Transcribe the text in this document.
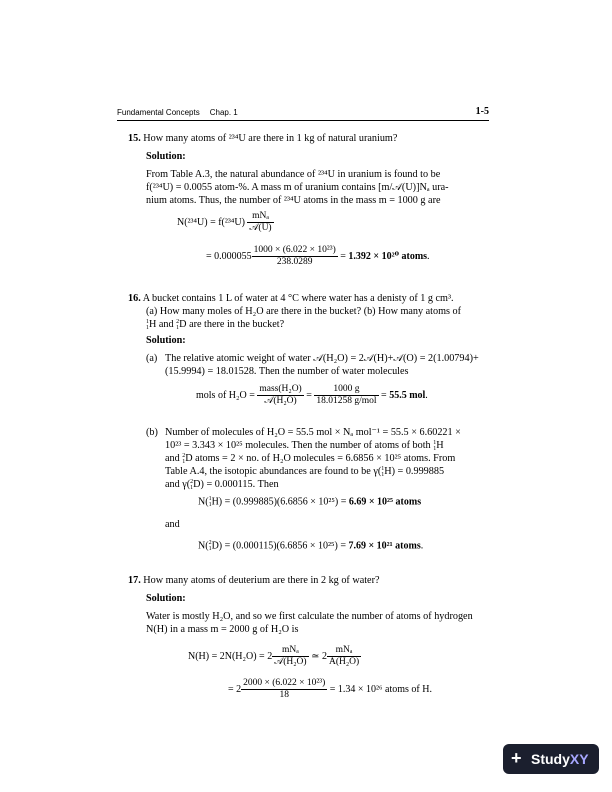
Fundamental Concepts Chap. 1	1-5
15. How many atoms of ²³⁴U are there in 1 kg of natural uranium?
Solution:
From Table A.3, the natural abundance of ²³⁴U in uranium is found to be
f(²³⁴U) = 0.0055 atom-%. A mass m of uranium contains [m/𝒜(U)]Nₐ ura-
nium atoms. Thus, the number of ²³⁴U atoms in the mass m = 1000 g are
$N(^{234}U) = f(^{234}U) \frac{\text{mNₐ}}{\text{𝒜(U)}}$
= $0.000055 \frac{\text{1000 × (6.022 × 10²³)}}{238.0289} = 1.392 \times 10^{20}$ atoms.
16. A bucket contains 1 L of water at 4 °C where water has a denisty of 1 g cm³.
(a) How many moles of H₂O are there in the bucket? (b) How many atoms of
1
1 H and 2
1 D are there in the bucket?
Solution:
(a) The relative atomic weight of water 𝒜(H₂O) = 2𝒜(H)+𝒜(O) = 2(1.00794)+
(15.9994) = 18.01528. Then the number of water molecules
mols of $H_2O = \frac{\text{mass(H₂O)}}{\text{𝒜(H₂O)}} = \frac{1000 g}{\text{18.01258 g/mol}} = 55.5$ mol.
(b) Number of molecules of H₂O = 55.5 mol × Nₐ mol⁻¹ = 55.5 × 6.60221 ×
10²³ = 3.343 × 10²⁵ molecules. Then the number of atoms of both 1
1 H
and 2
1 D atoms = 2 × no. of H₂O molecules = 6.6856 × 10²⁵ atoms. From
Table A.4, the isotopic abundances are found to be γ( 1
1 H) = 0.999885
and γ( 2
1 D) = 0.000115. Then
N( 1
1 H) = (0.999885)(6.6856 × 10²⁵) = 6.69 × 10²⁵ atoms
and
N( 2
1 D) = (0.000115)(6.6856 × 10²⁵) = 7.69 × 10²¹ atoms.
17. How many atoms of deuterium are there in 2 kg of water?
Solution:
Water is mostly H₂O, and so we first calculate the number of atoms of hydrogen
N(H) in a mass m = 2000 g of H₂O is
$N(H) = 2N(H_2O) = 2 \frac{\text{mNₐ}}{\text{𝒜(H₂O)}}$ ≃ $2 \frac{\text{mNₐ}}{\text{A(H₂O)}}$
= $2 \frac{\text{2000 × (6.022 × 10²³)}}{18} = 1.34 \times 10^{26}$ atoms of H.
+ StudyXY
